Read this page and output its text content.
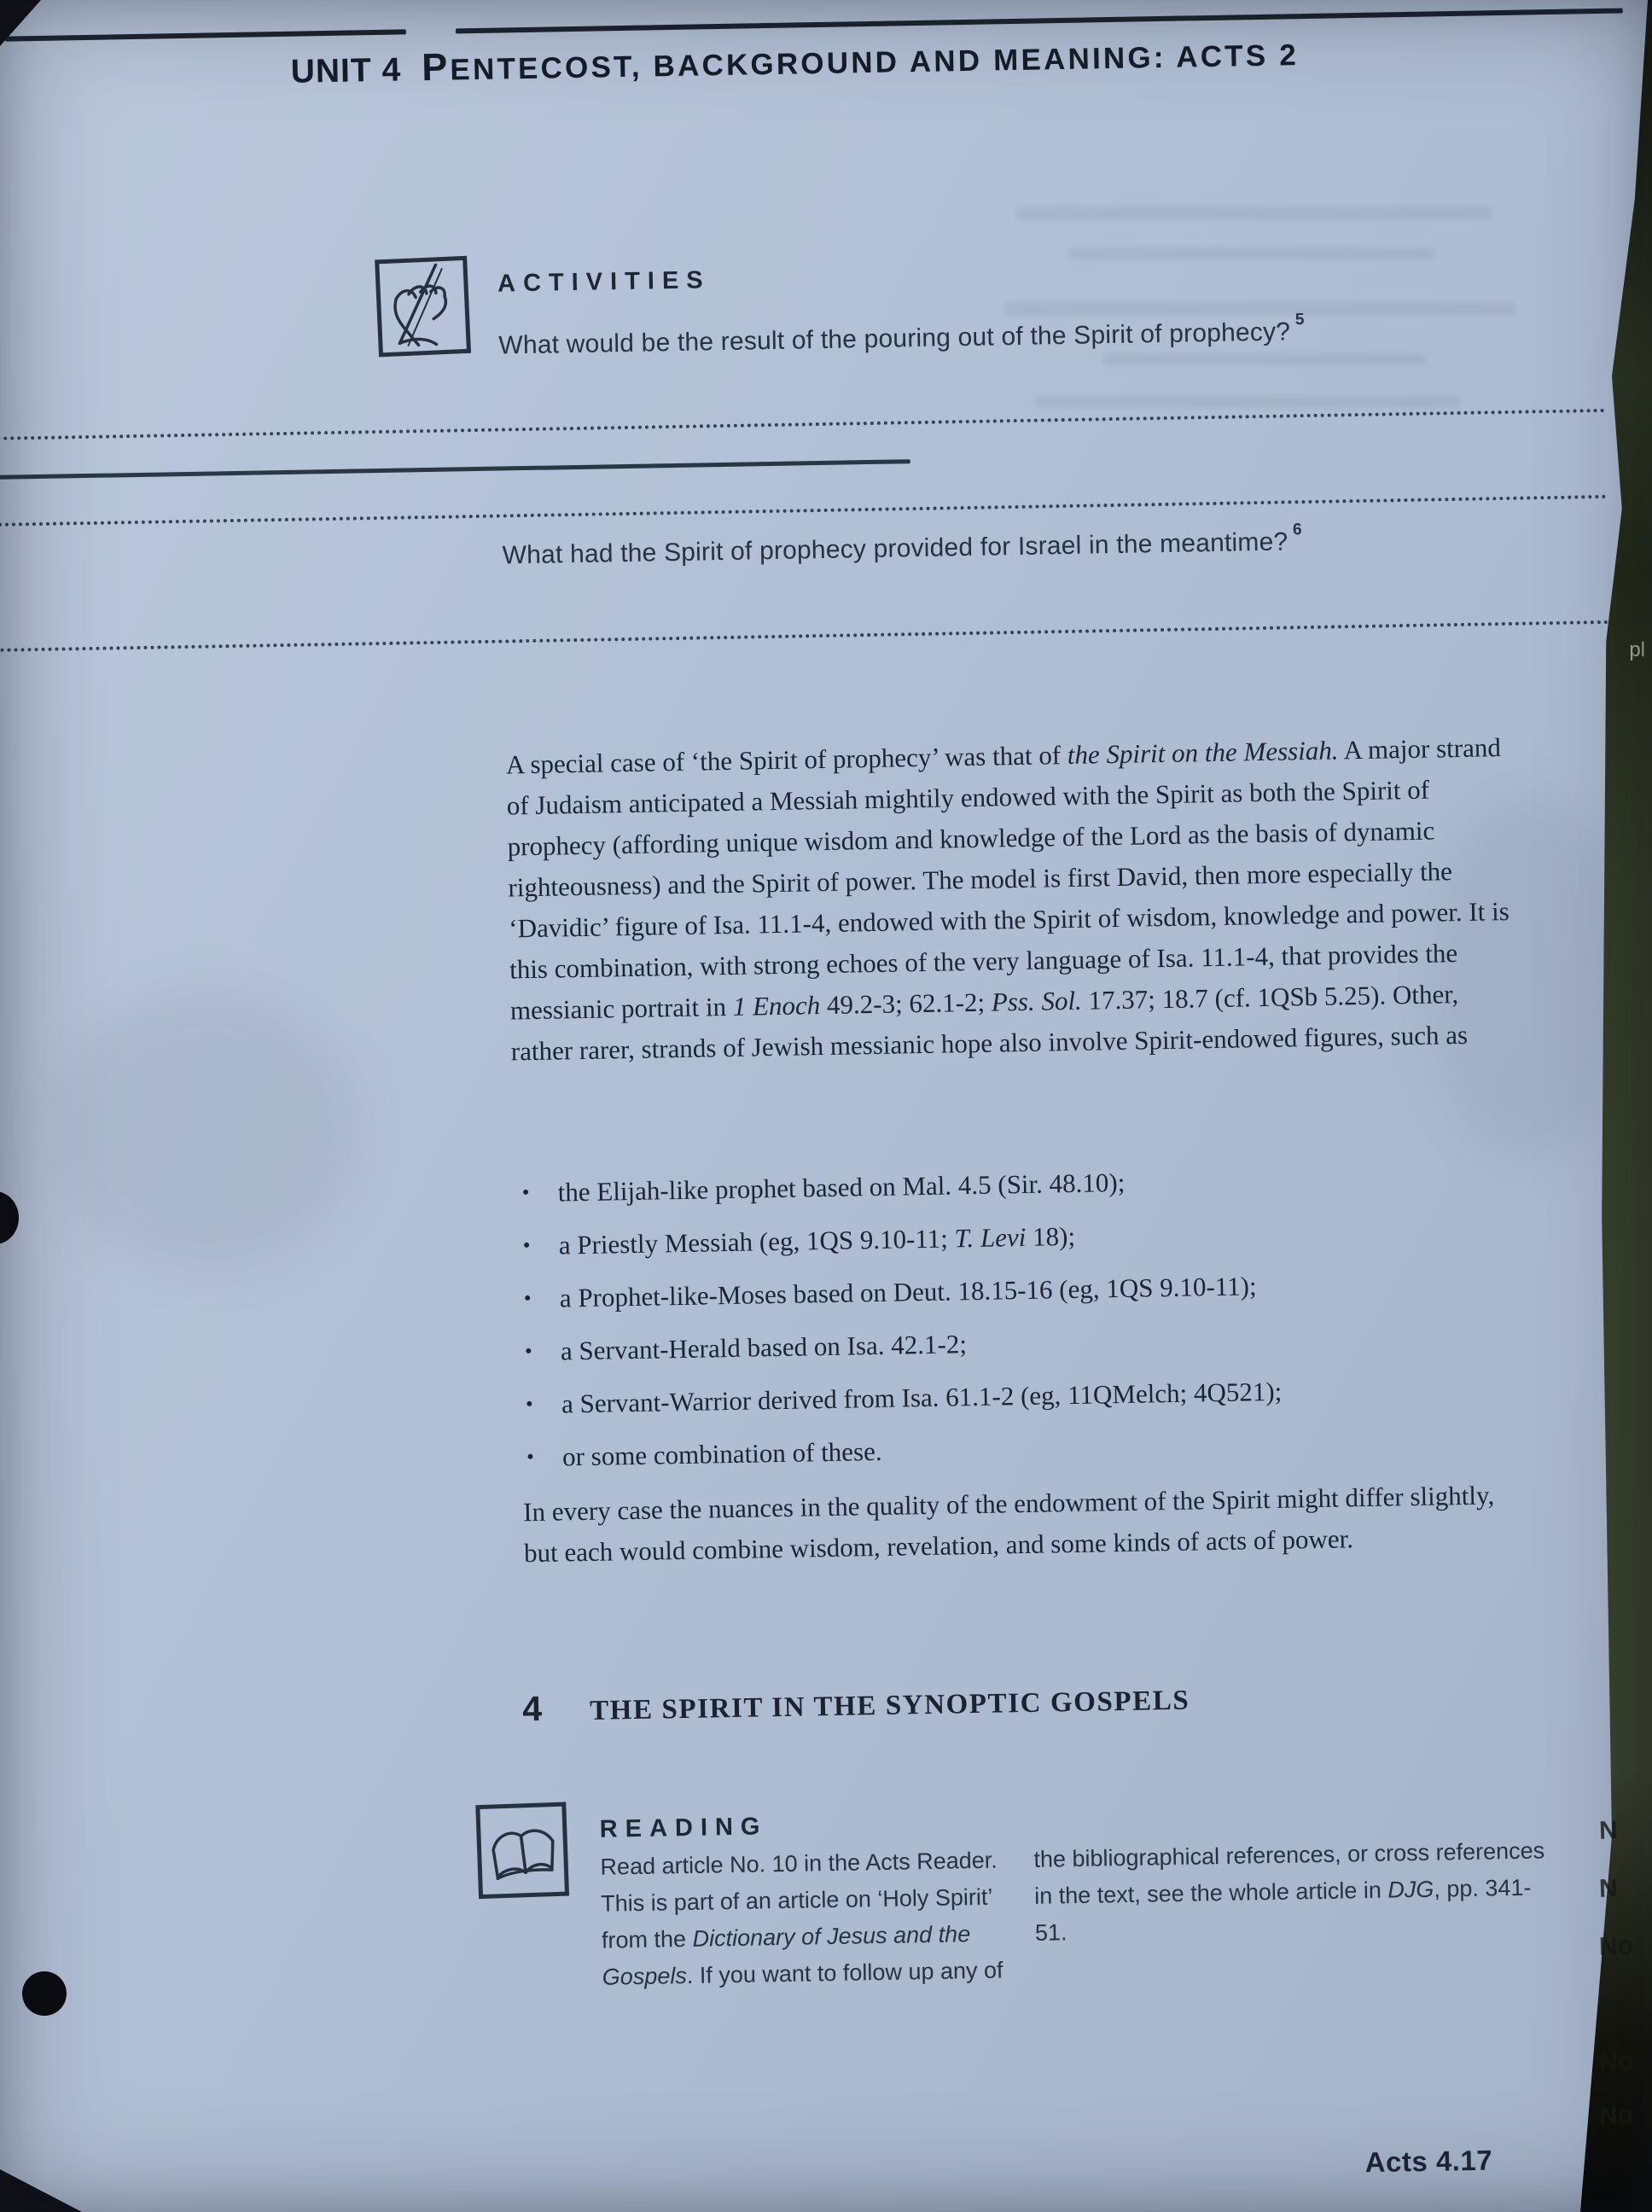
UNIT 4 PENTECOST, BACKGROUND AND MEANING: ACTS 2
ACTIVITIES
What would be the result of the pouring out of the Spirit of prophecy? $^5$
What had the Spirit of prophecy provided for Israel in the meantime? $^6$
A special case of ‘the Spirit of prophecy’ was that of the Spirit on the Messiah. A major strand of Judaism anticipated a Messiah mightily endowed with the Spirit as both the Spirit of prophecy (affording unique wisdom and knowledge of the Lord as the basis of dynamic righteousness) and the Spirit of power. The model is first David, then more especially the ‘Davidic’ figure of Isa. 11.1-4, endowed with the Spirit of wisdom, knowledge and power. It is this combination, with strong echoes of the very language of Isa. 11.1-4, that provides the messianic portrait in 1 Enoch 49.2-3; 62.1-2; Pss. Sol. 17.37; 18.7 (cf. 1QSb 5.25). Other, rather rarer, strands of Jewish messianic hope also involve Spirit-endowed figures, such as
• the Elijah-like prophet based on Mal. 4.5 (Sir. 48.10);
• a Priestly Messiah (eg, 1QS 9.10-11; T. Levi 18);
• a Prophet-like-Moses based on Deut. 18.15-16 (eg, 1QS 9.10-11);
• a Servant-Herald based on Isa. 42.1-2;
• a Servant-Warrior derived from Isa. 61.1-2 (eg, 11QMelch; 4Q521);
• or some combination of these.
In every case the nuances in the quality of the endowment of the Spirit might differ slightly, but each would combine wisdom, revelation, and some kinds of acts of power.
4 THE SPIRIT IN THE SYNOPTIC GOSPELS
READING
Read article No. 10 in the Acts Reader. This is part of an article on ‘Holy Spirit’ from the Dictionary of Jesus and the Gospels. If you want to follow up any of
the bibliographical references, or cross references in the text, see the whole article in DJG, pp. 341-51.
Acts 4.17
pl
N
N
No
No
No
No
